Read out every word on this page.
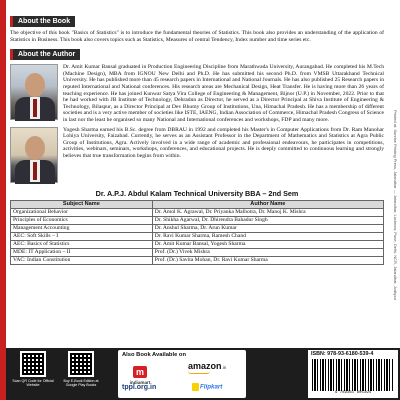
About the Book

The objective of this book "Basics of Statistics" is to introduce the fundamental theories of Statistics. This book also provides an understanding of the application of Statistics in Business. This book also covers topics such as Statistics, Measures of central Tendency, Index number and time series etc.

About the Author

Dr. Amit Kumar Bansal graduated in Production Engineering Discipline from Marathwada University, Aurangabad. He completed his M.Tech (Machine Design), MBA from IGNOU New Delhi and Ph.D. He has submitted his second Ph.D. from VMSB Uttarakhand Technical University. He has published more than 45 research papers in International and National Journals. He has also published 25 Research papers in reputed International and National conferences. His research areas are Mechanical Design, Heat Transfer. He is having more than 26 years of teaching experience. He has joined Kunwar Satya Vira College of Engineering & Management, Bijnor (U.P.) in November, 2022. Prior to that he had worked with JB Institute of Technology, Dehradun as Director, he served as a Director Principal at Shiva Institute of Engineering & Technology, Bilaspur, as a Director Principal at Dev Bhumy Group of Institutions, Una, Himachal Pradesh. He has a membership of different societies and is a very active member of societies like ISTE, IAENG, Indian Association of Commerce, Himachal Pradesh Congress of Science in last nor the least he organised so many National and International conferences and workshops, FDP and many more.

Yogesh Sharma earned his B.Sc. degree from DBRAU in 1992 and completed his Master's in Computer Applications from Dr. Ram Manohar Lohiya University, Faizabad. Currently, he serves as an Assistant Professor in the Department of Mathematics and Statistics at Agra Public Group of Institutions, Agra. Actively involved in a wide range of academic and professional endeavours, he participates in competitions, activities, webinars, seminars, workshops, conferences, and educational projects. He is deeply committed to continuous learning and strongly believes that true transformation begins from within.

Dr. A.P.J. Abdul Kalam Technical University BBA – 2nd Sem
Subject Name	Author Name
Organizational Behavior	Dr. Amol K. Agrawal, Dr. Priyanka Malhotra, Dr. Manoj K. Mishra
Principles of Economics	Dr. Shikha Agarwal, Dr. Dhirendra Bahadur Singh
Management Accounting	Dr. Anshul Sharma, Dr. Arun Kumar
AEC: Soft Skills – I	Dr. Ravi Kumar Sharma, Ramesh Chand
AEC: Basics of Statistics	Dr. Amit Kumar Bansal, Yogesh Sharma
MDE: IT Application – II	Prof. (Dr.) Vivek Mishra
VAC: Indian Constitution	Prof. (Dr.) Savita Mohan, Dr. Ravi Kumar Sharma	Printed at: Sunrise Printing Press, Jalandhar — Jalandhar, Lucknow, Pune, Delhi, NCR, Jalandhar, Jodhpur
Scan QR Code for Official Website
Buy E-Book Edition at Google Play Books
Also Book Available on
m
indiamart
amazon.in
tppl.org.in	Flipkart
ISBN: 978-93-6180-539-4
9 789361 805394
